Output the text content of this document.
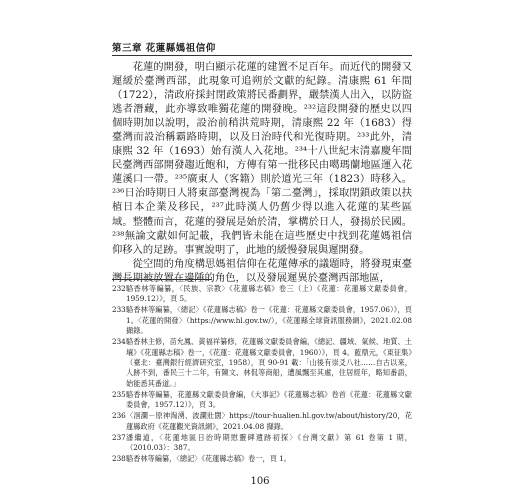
第三章 花蓮縣媽祖信仰

花蓮的開發，明白顯示花蓮的建置不足百年。而近代的開發又遲緩於臺灣西部，此現象可追朔於文獻的紀錄。清康熙 61 年間（1722），清政府採封閉政策將民番劃界，嚴禁漢人出入，以防盜逃者潛藏，此亦導致唯獨花蓮的開發晚。²³²這段開發的歷史以四個時期加以說明，設治前稍洪荒時期，清康熙 22 年（1683）得臺灣而設治稱霸路時期，以及日治時代和光復時期。²³³此外，清康熙 32 年（1693）始有漢人入花地。²³⁴十八世紀末清嘉慶年間民臺灣西部開發趨近飽和，方傳有第一批移民由噶瑪蘭地區運入花蓮溪口一帶。²³⁵廣東人（客籍）則於道光三年（1823）時移入。²³⁶日治時期日人將東部臺灣視為「第二臺灣」，採取閉鎖政策以扶植日本企業及移民，²³⁷此時漢人仍舊少得以進入花蓮的某些區域。整體而言，花蓮的發展是始於清，掌構於日人，發揚於民國。²³⁸無論文獻如何記載，我們皆未能在這些歷史中找到花蓮媽祖信仰移入的足跡。事實說明了，此地的緩慢發展與遲開發。

從空間的角度構思媽祖信仰在花蓮傳承的議題時，將發現東臺灣長期被放置在邊陲的角色，以及發展遲異於臺灣西部地區，

232 駱香林等編纂，〈民族、宗教〉《花蓮縣志稿》卷三（上）《花蓮：花蓮縣文獻委員會，1959.12）》，頁 5。
233 駱香林等編纂，〈總記〉《花蓮縣志稿》卷一《花蓮：花蓮縣文獻委員會，1957.06）》，頁 1。〈花蓮的開發〉（https://www.hl.gov.tw/），《花蓮縣全球資訊服務網》，2021.02.08 擷錄。
234 駱香林主修，苗允鳳、黃福祥纂修，花蓮縣文獻委員會編，《總記、疆域、氣候、地質、土壤》《花蓮縣志稿》卷一，《花蓮：花蓮縣文獻委員會，1960）》，頁 4。藍鼎元，《東征集》（臺北：臺灣銀行經濟研究室，1958），頁 90-91 載：「山後有崇爻八社……自古以來，人跡不到，番民三十二年，有陳文、林侃等商船，遭風飄至其處，住居經年，略知番語，始能悉其番道。」
235 駱香林等編纂，花蓮縣文獻委員會編，《大事記》《花蓮縣志稿》卷首《花蓮：花蓮縣文獻委員會，1957.12）》，頁 3。
236 〈洄瀾－原神淘湧、波瀾壯闊〉https://tour-hualien.hl.gov.tw/about/history/20，花蓮縣政府《花蓮觀光資訊網》，2021.04.08 擷錄。
237 潘繼道，〈花蓮地區日治時期慰靈碑遺跡初探〉《台灣文獻》第 61 卷第 1 期，（2010.03）：387。
238 駱香林等編纂，〈總記〉《花蓮縣志稿》卷一，頁 1。
106
